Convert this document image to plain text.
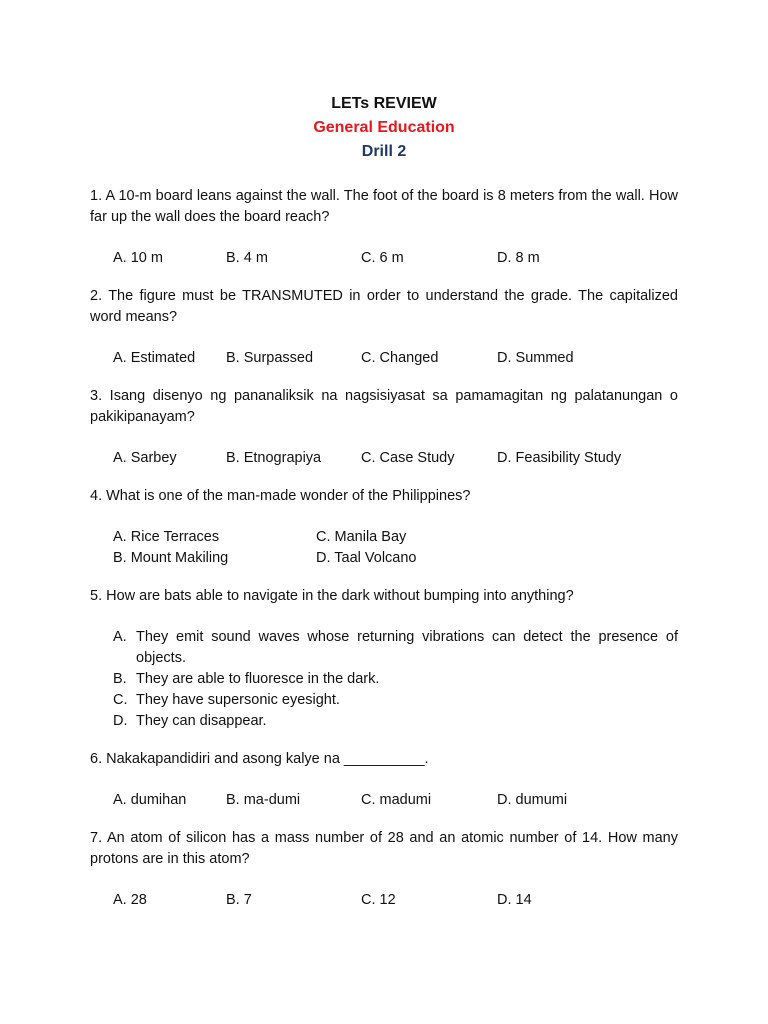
LETs REVIEW
General Education
Drill 2
1. A 10-m board leans against the wall. The foot of the board is 8 meters from the wall. How far up the wall does the board reach?
A. 10 m	B. 4 m	C. 6 m	D. 8 m
2. The figure must be TRANSMUTED in order to understand the grade. The capitalized word means?
A. Estimated	B. Surpassed	C. Changed	D. Summed
3. Isang disenyo ng pananaliksik na nagsisiyasat sa pamamagitan ng palatanungan o pakikipanayam?
A. Sarbey	B. Etnograpiya	C. Case Study	D. Feasibility Study
4. What is one of the man-made wonder of the Philippines?
A. Rice Terraces	C. Manila Bay
B. Mount Makiling	D. Taal Volcano
5. How are bats able to navigate in the dark without bumping into anything?
A. They emit sound waves whose returning vibrations can detect the presence of objects.
B. They are able to fluoresce in the dark.
C. They have supersonic eyesight.
D. They can disappear.
6. Nakakapandidiri and asong kalye na __________.
A. dumihan	B. ma-dumi	C. madumi	D. dumumi
7. An atom of silicon has a mass number of 28 and an atomic number of 14. How many protons are in this atom?
A. 28	B. 7	C. 12	D. 14
